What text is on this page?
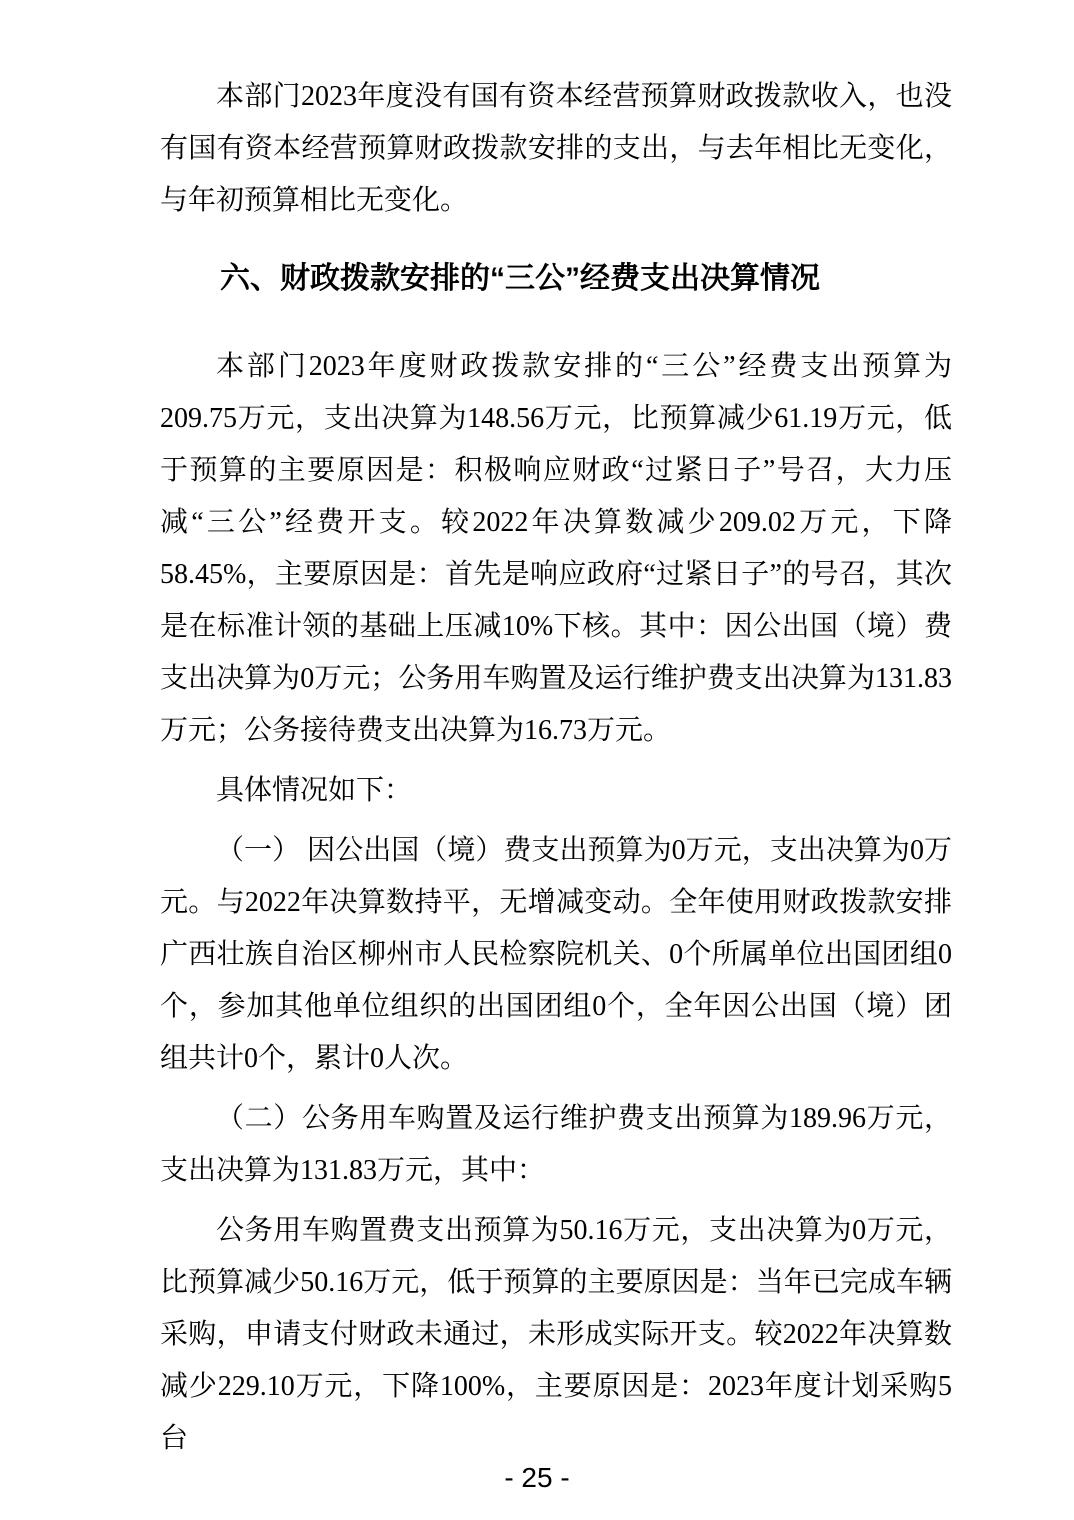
本部门2023年度没有国有资本经营预算财政拨款收入，也没有国有资本经营预算财政拨款安排的支出，与去年相比无变化，与年初预算相比无变化。

六、财政拨款安排的“三公”经费支出决算情况

本部门2023年度财政拨款安排的“三公”经费支出预算为209.75万元，支出决算为148.56万元，比预算减少61.19万元，低于预算的主要原因是：积极响应财政“过紧日子”号召，大力压减“三公”经费开支。较2022年决算数减少209.02万元，下降58.45%，主要原因是：首先是响应政府“过紧日子”的号召，其次是在标准计领的基础上压减10%下核。其中：因公出国（境）费支出决算为0万元；公务用车购置及运行维护费支出决算为131.83万元；公务接待费支出决算为16.73万元。

具体情况如下：

（一） 因公出国（境）费支出预算为0万元，支出决算为0万元。与2022年决算数持平，无增减变动。全年使用财政拨款安排广西壮族自治区柳州市人民检察院机关、0个所属单位出国团组0个，参加其他单位组织的出国团组0个，全年因公出国（境）团组共计0个，累计0人次。

（二）公务用车购置及运行维护费支出预算为189.96万元，支出决算为131.83万元，其中：

公务用车购置费支出预算为50.16万元，支出决算为0万元，比预算减少50.16万元，低于预算的主要原因是：当年已完成车辆采购，申请支付财政未通过，未形成实际开支。较2022年决算数减少229.10万元，下降100%，主要原因是：2023年度计划采购5台

- 25 -
